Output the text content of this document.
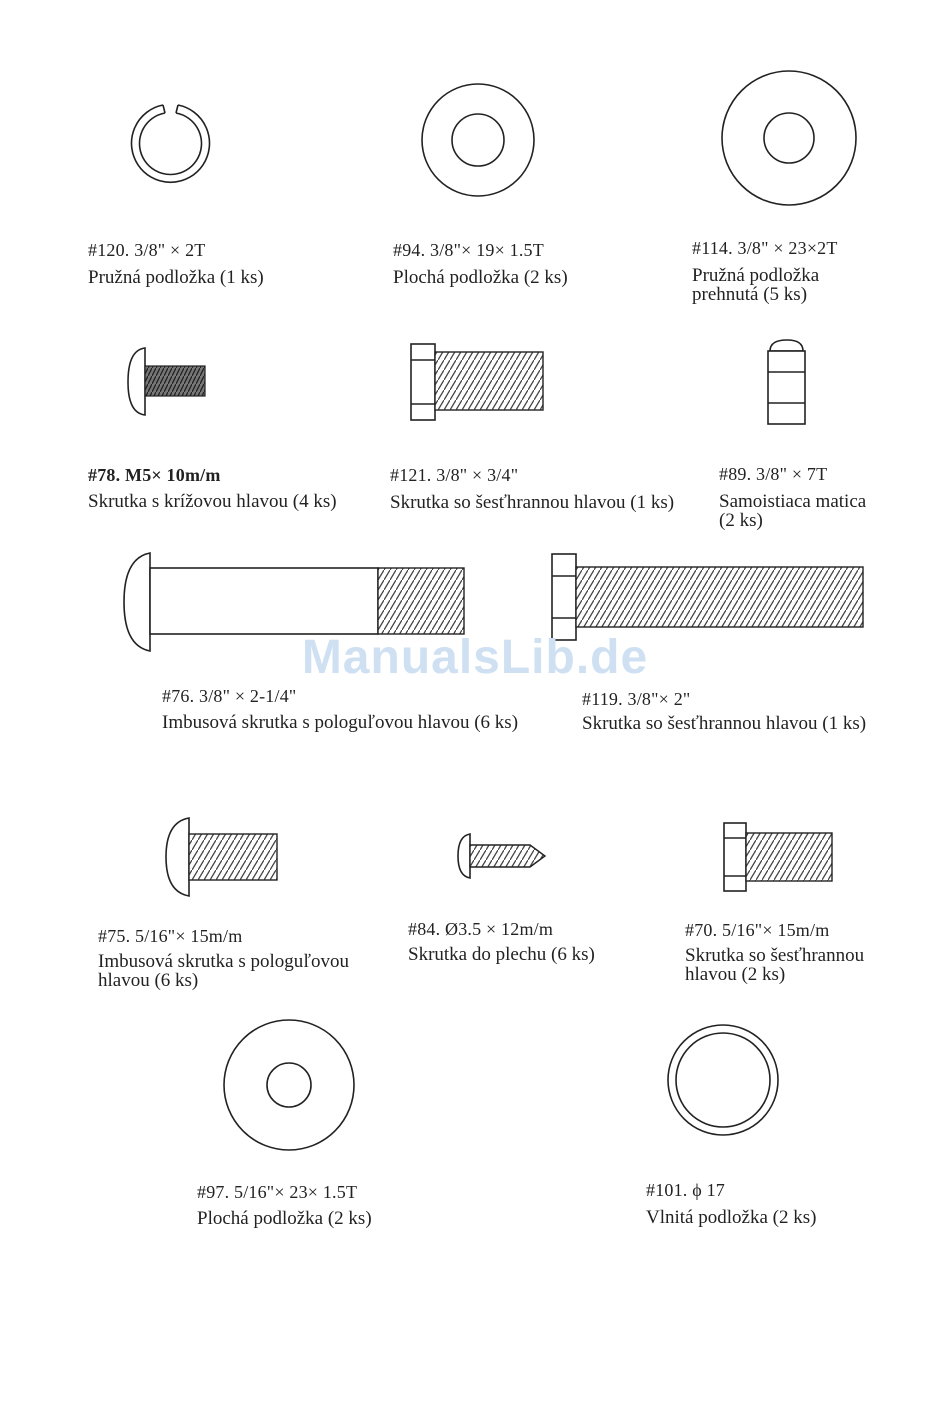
ManualsLib.de
#120. 3/8" × 2T
Pružná podložka (1 ks)
#94. 3/8"× 19× 1.5T
Plochá podložka (2 ks)
#114. 3/8" × 23×2T
Pružná podložka
prehnutá (5 ks)
#78. M5× 10m/m
Skrutka s krížovou hlavou (4 ks)
#121. 3/8" × 3/4"
Skrutka so šesťhrannou hlavou (1 ks)
#89. 3/8" × 7T
Samoistiaca matica
(2 ks)
#76. 3/8" × 2-1/4"
Imbusová skrutka s pologuľovou hlavou (6 ks)
#119. 3/8"× 2"
Skrutka so šesťhrannou hlavou (1 ks)
#75. 5/16"× 15m/m
Imbusová skrutka s pologuľovou
hlavou (6 ks)
#84. Ø3.5 × 12m/m
Skrutka do plechu (6 ks)
#70. 5/16"× 15m/m
Skrutka so šesťhrannou
hlavou (2 ks)
#97. 5/16"× 23× 1.5T
Plochá podložka (2 ks)
#101. ϕ 17
Vlnitá podložka (2 ks)
